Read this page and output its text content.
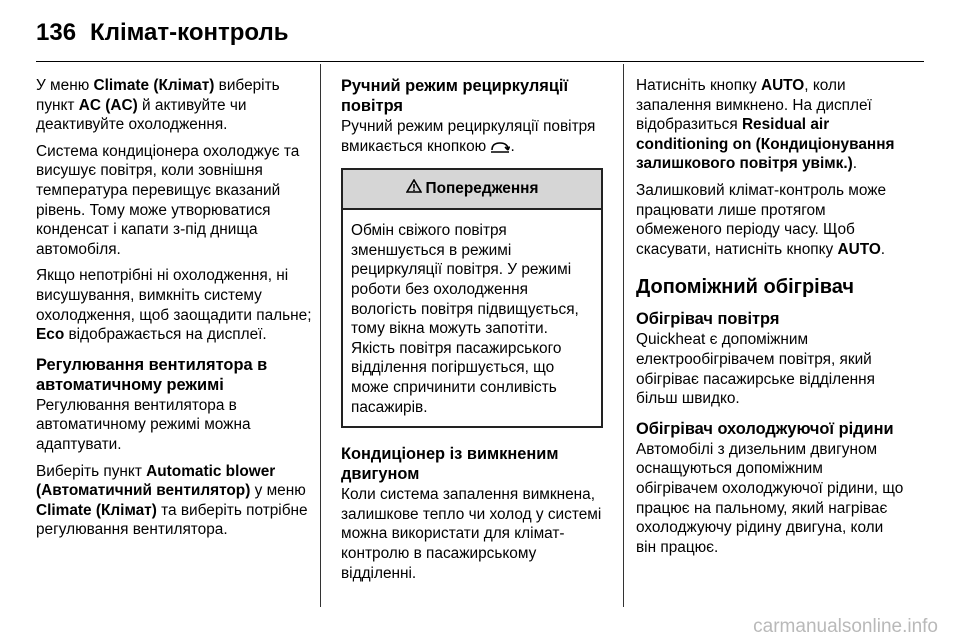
136 Клімат-контроль

У меню Climate (Клімат) виберіть пункт AC (AC) й активуйте чи деактивуйте охолодження.

Система кондиціонера охолоджує та висушує повітря, коли зовнішня температура перевищує вказаний рівень. Тому може утворюватися конденсат і капати з-під днища автомобіля.

Якщо непотрібні ні охолодження, ні висушування, вимкніть систему охолодження, щоб заощадити пальне; Eco відображається на дисплеї.

Регулювання вентилятора в автоматичному режимі

Регулювання вентилятора в автоматичному режимі можна адаптувати.

Виберіть пункт Automatic blower (Автоматичний вентилятор) у меню Climate (Клімат) та виберіть потрібне регулювання вентилятора.

Ручний режим рециркуляції повітря

Ручний режим рециркуляції повітря вмикається кнопкою .

Попередження
Обмін свіжого повітря зменшується в режимі рециркуляції повітря. У режимі роботи без охолодження вологість повітря підвищується, тому вікна можуть запотіти. Якість повітря пасажирського відділення погіршується, що може спричинити сонливість пасажирів.
Кондиціонер із вимкненим двигуном

Коли система запалення вимкнена, залишкове тепло чи холод у системі можна використати для клімат-контролю в пасажирському відділенні.

Натисніть кнопку AUTO, коли запалення вимкнено. На дисплеї відобразиться Residual air conditioning on (Кондиціонування залишкового повітря увімк.).

Залишковий клімат-контроль може працювати лише протягом обмеженого періоду часу. Щоб скасувати, натисніть кнопку AUTO.

Допоміжний обігрівач
Обігрівач повітря

Quickheat є допоміжним електрообігрівачем повітря, який обігріває пасажирське відділення більш швидко.

Обігрівач охолоджуючої рідини

Автомобілі з дизельним двигуном оснащуються допоміжним обігрівачем охолоджуючої рідини, що працює на пальному, який нагріває охолоджуючу рідину двигуна, коли він працює.

carmanualsonline.info
